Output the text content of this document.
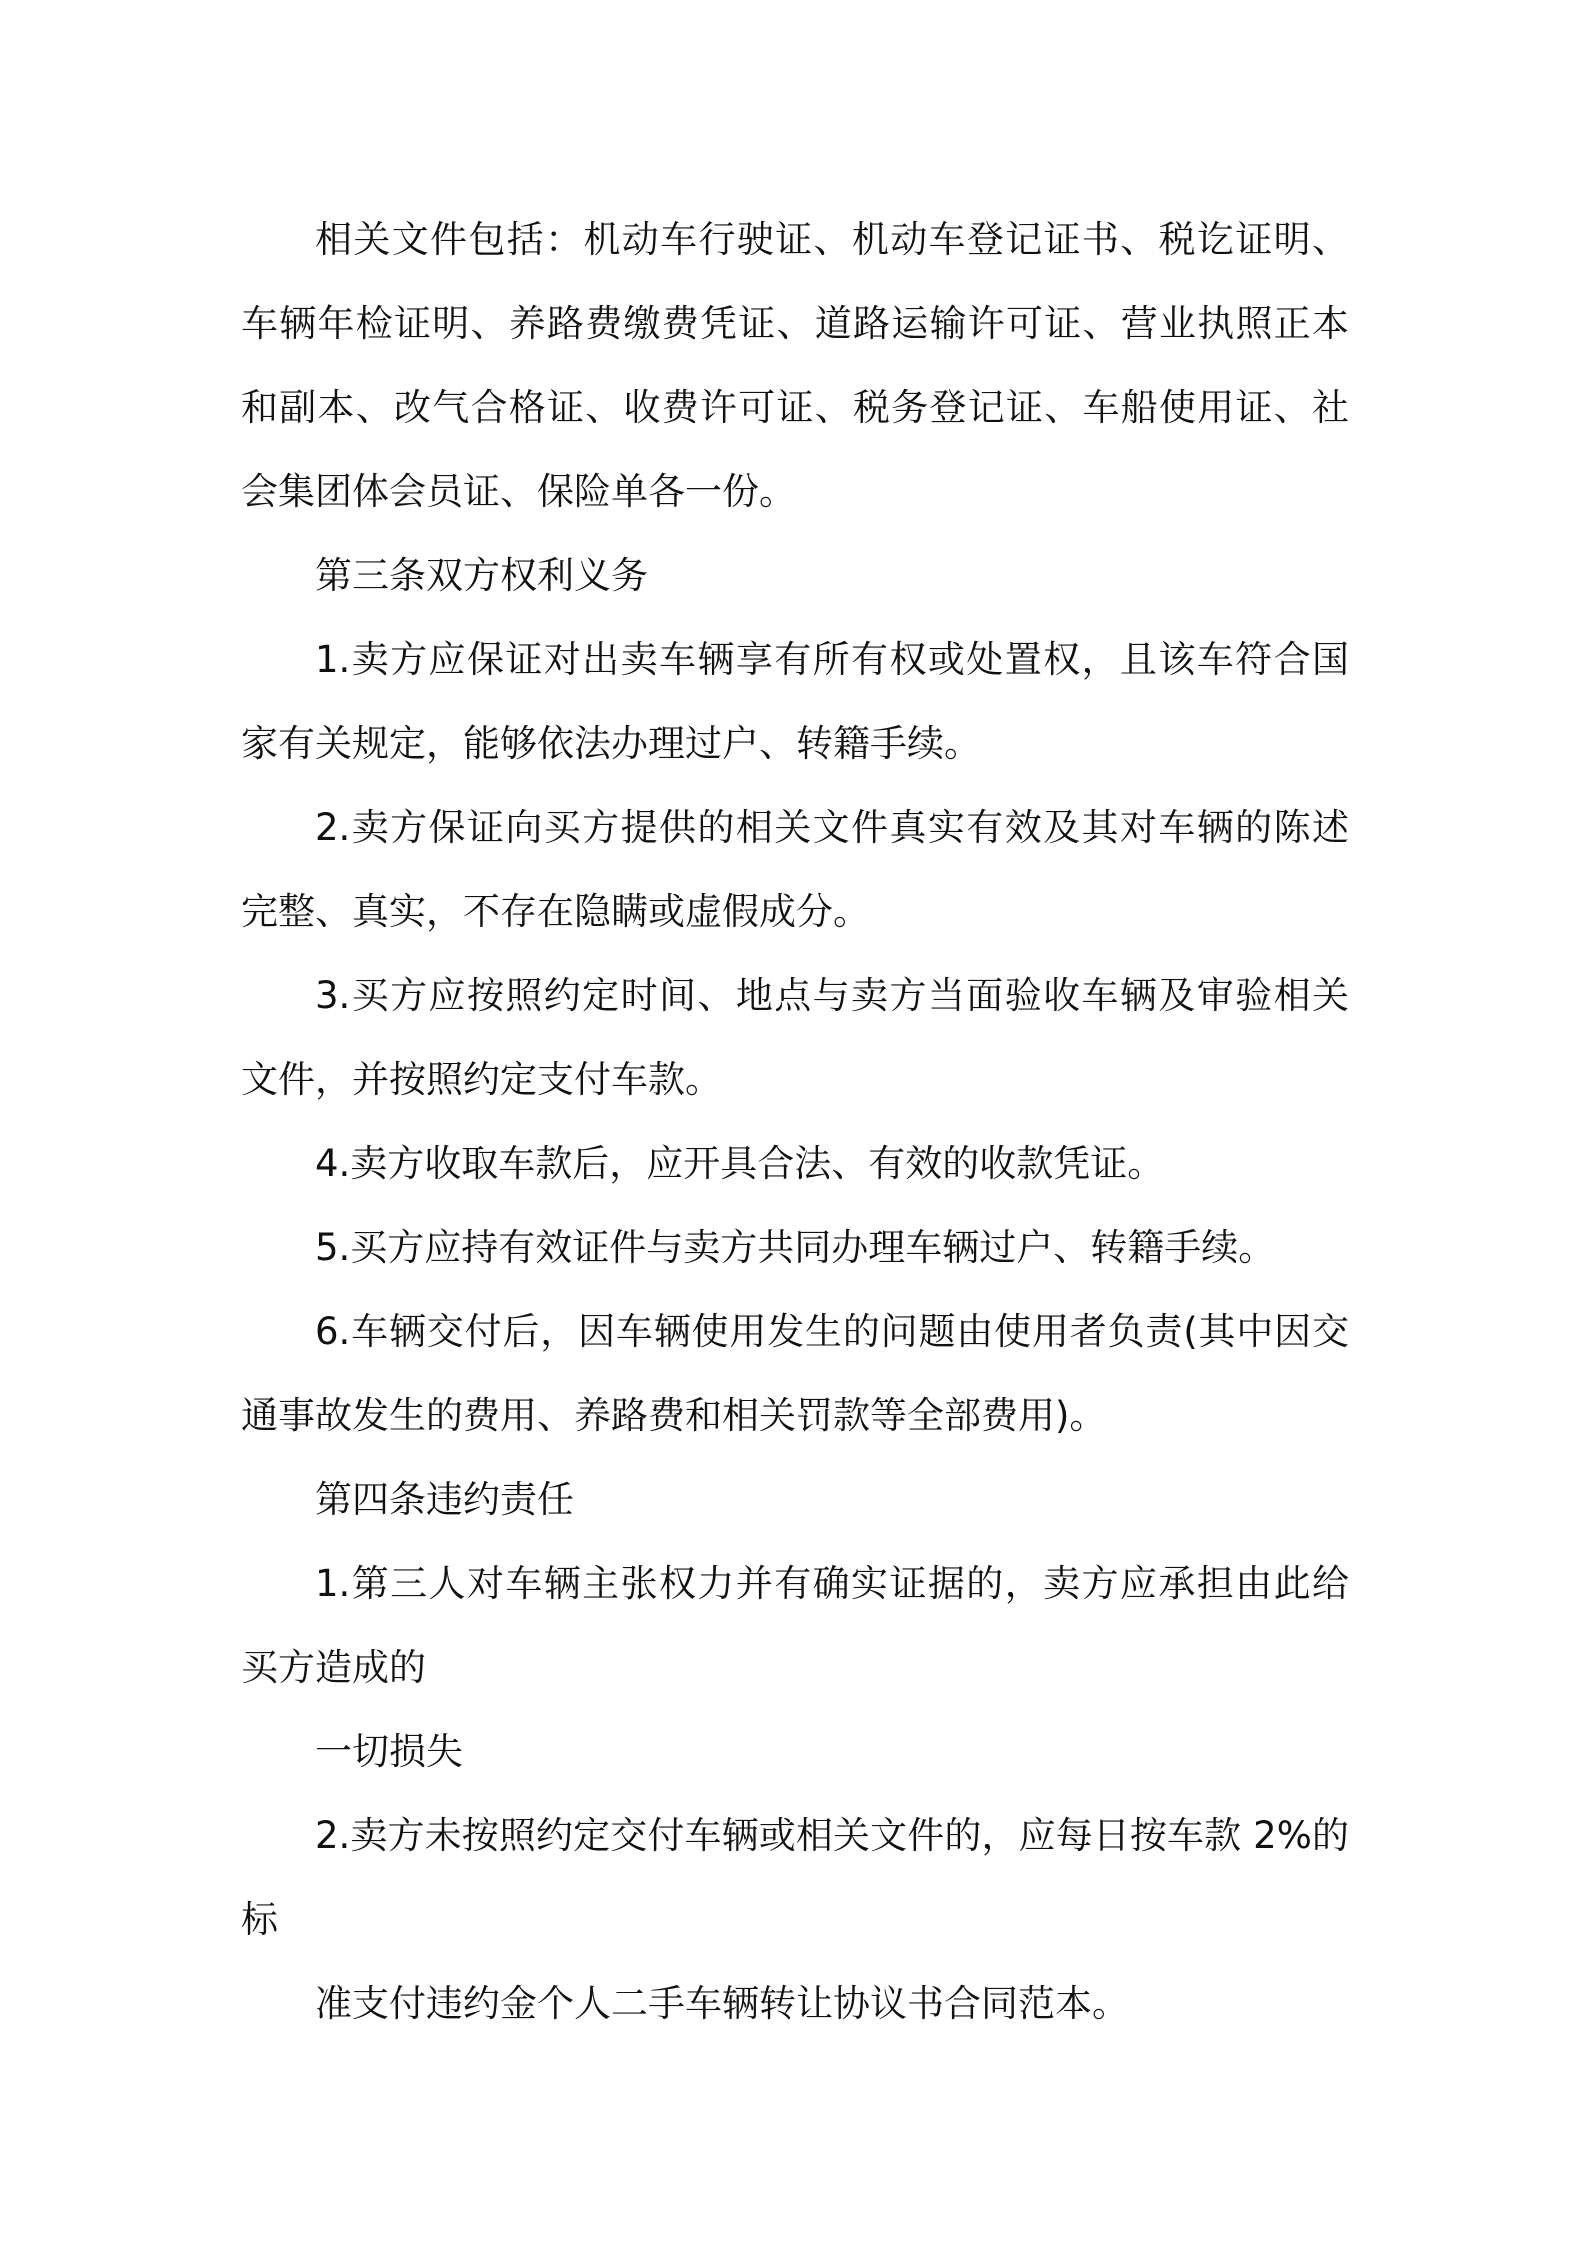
相关文件包括：机动车行驶证、机动车登记证书、税讫证明、车辆年检证明、养路费缴费凭证、道路运输许可证、营业执照正本和副本、改气合格证、收费许可证、税务登记证、车船使用证、社会集团体会员证、保险单各一份。

第三条双方权利义务

1.卖方应保证对出卖车辆享有所有权或处置权，且该车符合国家有关规定，能够依法办理过户、转籍手续。

2.卖方保证向买方提供的相关文件真实有效及其对车辆的陈述完整、真实，不存在隐瞒或虚假成分。

3.买方应按照约定时间、地点与卖方当面验收车辆及审验相关文件，并按照约定支付车款。

4.卖方收取车款后，应开具合法、有效的收款凭证。

5.买方应持有效证件与卖方共同办理车辆过户、转籍手续。

6.车辆交付后，因车辆使用发生的问题由使用者负责(其中因交通事故发生的费用、养路费和相关罚款等全部费用)。

第四条违约责任

1.第三人对车辆主张权力并有确实证据的，卖方应承担由此给买方造成的

一切损失

2.卖方未按照约定交付车辆或相关文件的，应每日按车款 2%的标

准支付违约金个人二手车辆转让协议书合同范本。
